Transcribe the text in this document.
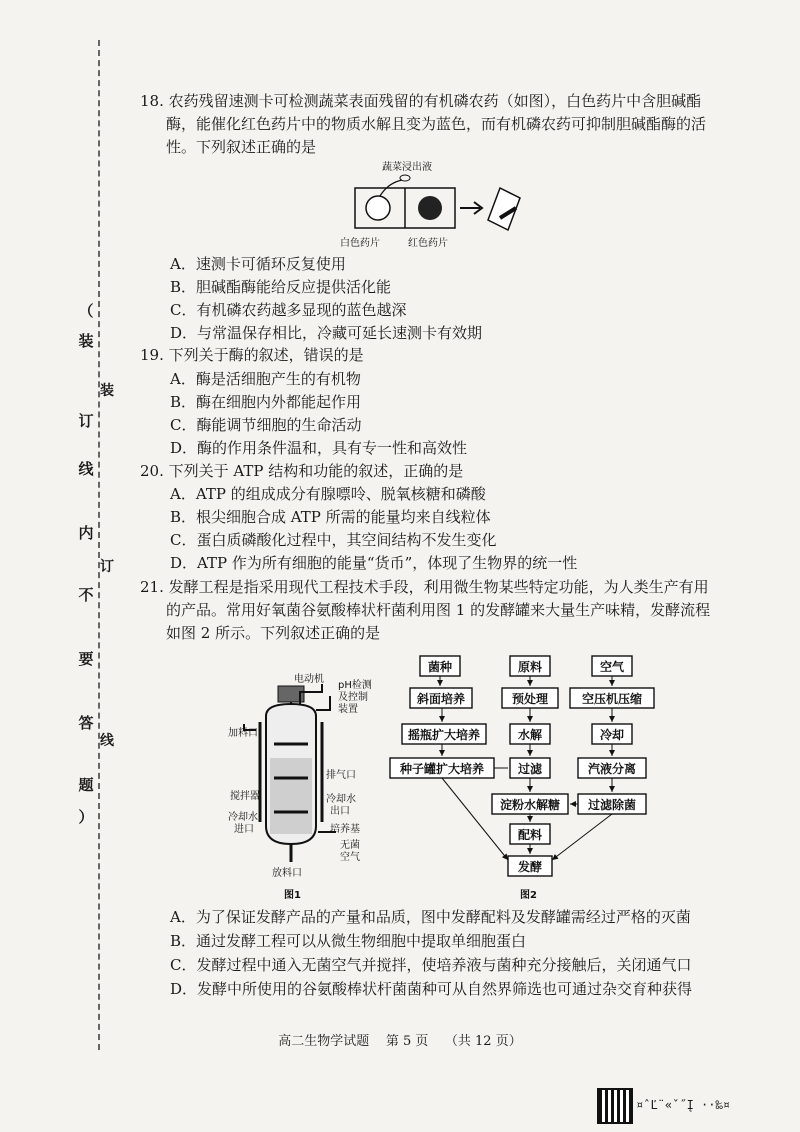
（
装
订
线
内
不
要
答
题
）
装
订
线
18. 农药残留速测卡可检测蔬菜表面残留的有机磷农药（如图），白色药片中含胆碱酯
酶，能催化红色药片中的物质水解且变为蓝色，而有机磷农药可抑制胆碱酯酶的活
性。下列叙述正确的是
蔬菜浸出液
白色药片	红色药片
A．速测卡可循环反复使用
B．胆碱酯酶能给反应提供活化能
C．有机磷农药越多显现的蓝色越深
D．与常温保存相比，冷藏可延长速测卡有效期
19. 下列关于酶的叙述，错误的是
A．酶是活细胞产生的有机物
B．酶在细胞内外都能起作用
C．酶能调节细胞的生命活动
D．酶的作用条件温和，具有专一性和高效性
20. 下列关于 ATP 结构和功能的叙述，正确的是
A．ATP 的组成成分有腺嘌呤、脱氧核糖和磷酸
B．根尖细胞合成 ATP 所需的能量均来自线粒体
C．蛋白质磷酸化过程中，其空间结构不发生变化
D．ATP 作为所有细胞的能量“货币”，体现了生物界的统一性
21. 发酵工程是指采用现代工程技术手段，利用微生物某些特定功能，为人类生产有用
的产品。常用好氧菌谷氨酸棒状杆菌利用图 1 的发酵罐来大量生产味精，发酵流程
如图 2 所示。下列叙述正确的是
电动机
pH检测
及控制
装置
加料口
排气口
搅拌器	冷却水
出口
冷却水
进口	培养基
无菌
空气
放料口
图1
菌种
斜面培养
摇瓶扩大培养
种子罐扩大培养
原料
预处理
水解
过滤
淀粉水解糖
配料
空气
空压机压缩
冷却
汽液分离
过滤除菌
发酵
图2
A．为了保证发酵产品的产量和品质，图中发酵配料及发酵罐需经过严格的灭菌
B．通过发酵工程可以从微生物细胞中提取单细胞蛋白
C．发酵过程中通入无菌空气并搅拌，使培养液与菌种充分接触后，关闭通气口
D．发酵中所使用的谷氨酸棒状杆菌菌种可从自然界筛选也可通过杂交育种获得
高二生物学试题 第 5 页 （共 12 页）
¤ˆĽ¨«ˇ˝Į ··‰¤
